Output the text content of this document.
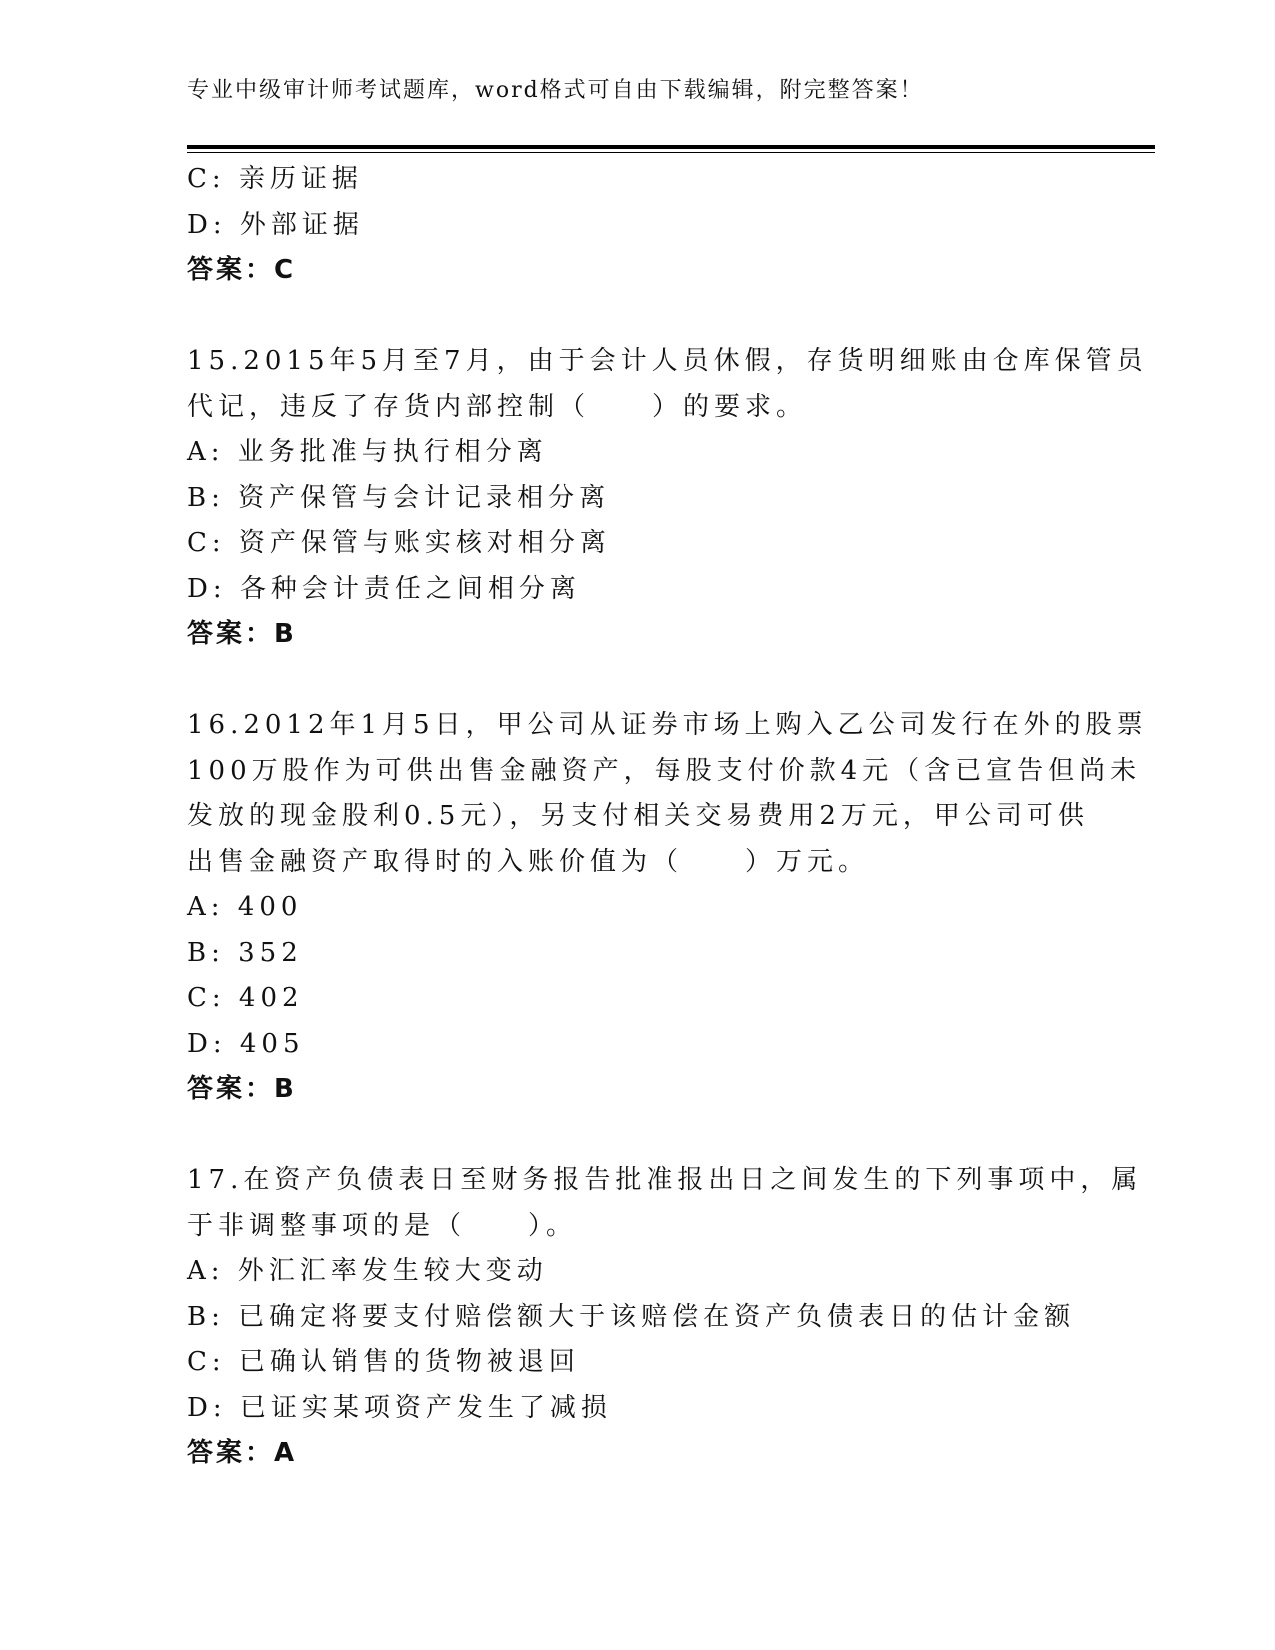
专业中级审计师考试题库，word格式可自由下载编辑，附完整答案！
C: 亲历证据
D: 外部证据
答案：C
15.2015年5月至7月，由于会计人员休假，存货明细账由仓库保管员
代记，违反了存货内部控制（　　）的要求。
A: 业务批准与执行相分离
B: 资产保管与会计记录相分离
C: 资产保管与账实核对相分离
D: 各种会计责任之间相分离
答案：B
16.2012年1月5日，甲公司从证券市场上购入乙公司发行在外的股票
100万股作为可供出售金融资产，每股支付价款4元（含已宣告但尚未
发放的现金股利0.5元），另支付相关交易费用2万元，甲公司可供
出售金融资产取得时的入账价值为（　　）万元。
A: 400
B: 352
C: 402
D: 405
答案：B
17.在资产负债表日至财务报告批准报出日之间发生的下列事项中，属
于非调整事项的是（　　）。
A: 外汇汇率发生较大变动
B: 已确定将要支付赔偿额大于该赔偿在资产负债表日的估计金额
C: 已确认销售的货物被退回
D: 已证实某项资产发生了减损
答案：A
